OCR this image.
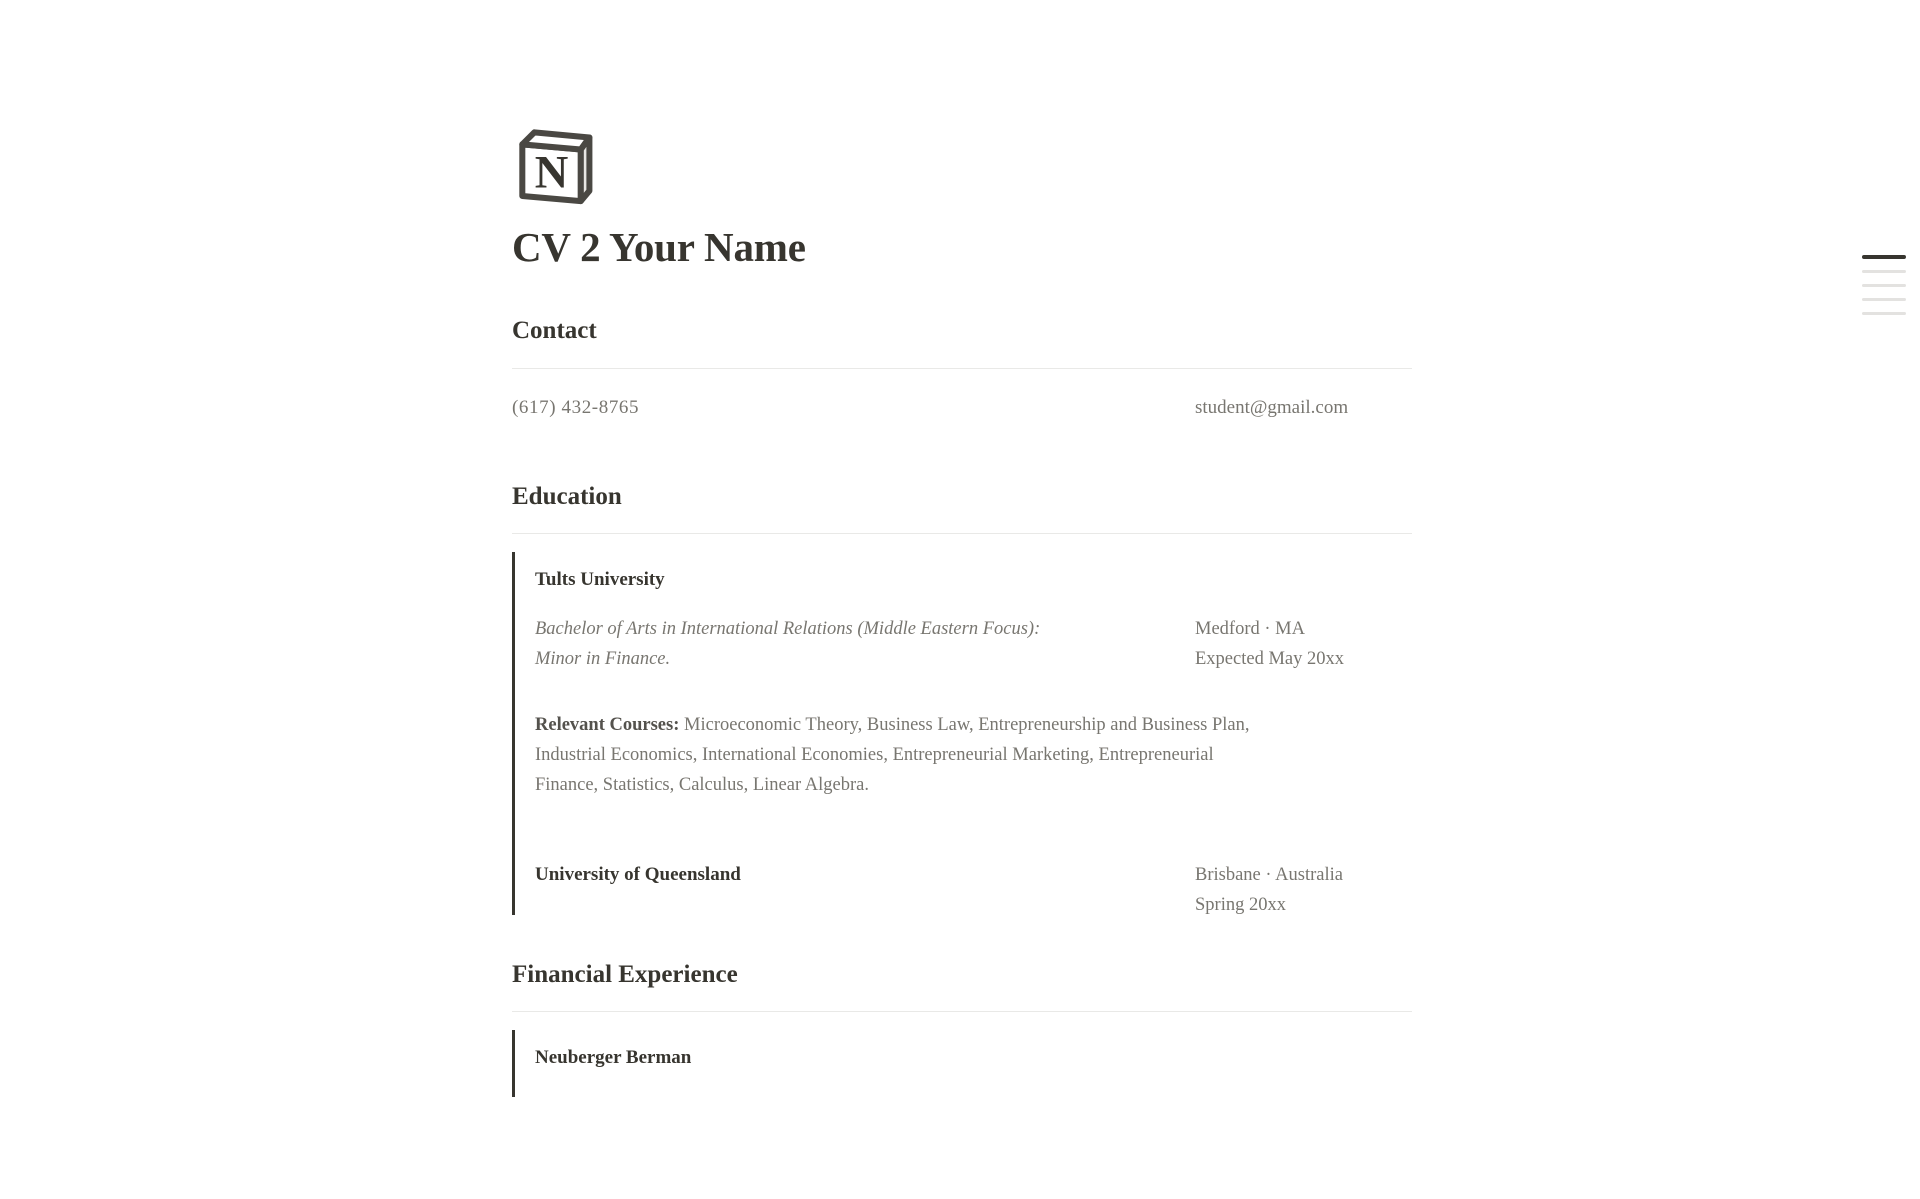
N
CV 2 Your Name
Contact
(617) 432-8765	student@gmail.com
Education

Tults University

Bachelor of Arts in International Relations (Middle Eastern Focus): Minor in Finance.
Medford · MA
Expected May 20xx

Relevant Courses: Microeconomic Theory, Business Law, Entrepreneurship and Business Plan, Industrial Economics, International Economies, Entrepreneurial Marketing, Entrepreneurial Finance, Statistics, Calculus, Linear Algebra.

University of Queensland	Brisbane · Australia
Spring 20xx
Financial Experience

Neuberger Berman
